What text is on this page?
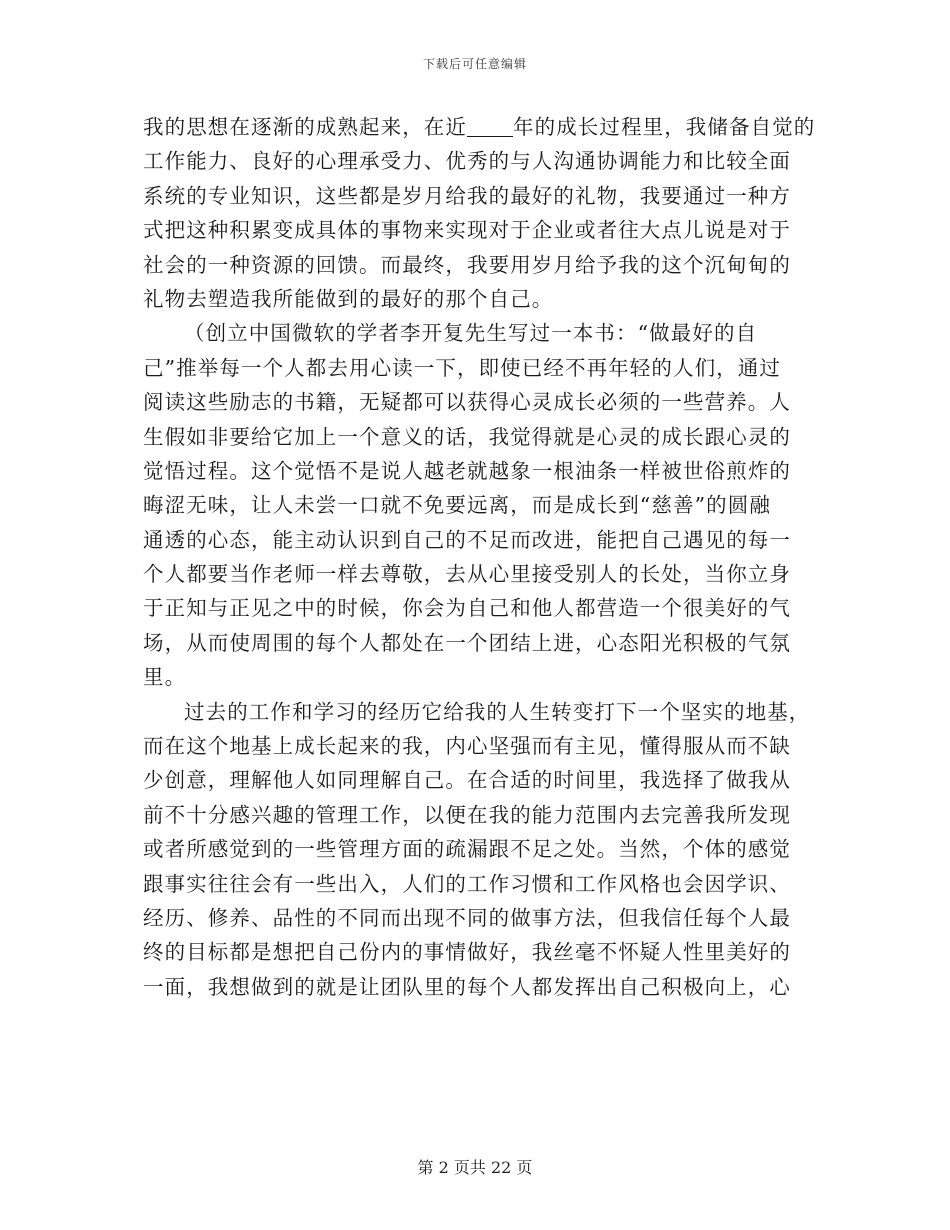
下载后可任意编辑
我的思想在逐渐的成熟起来，在近 年的成长过程里，我储备自觉的
工作能力、良好的心理承受力、优秀的与人沟通协调能力和比较全面
系统的专业知识，这些都是岁月给我的最好的礼物，我要通过一种方
式把这种积累变成具体的事物来实现对于企业或者往大点儿说是对于
社会的一种资源的回馈。而最终，我要用岁月给予我的这个沉甸甸的
礼物去塑造我所能做到的最好的那个自己。
（创立中国微软的学者李开复先生写过一本书：“做最好的自
己”推举每一个人都去用心读一下，即使已经不再年轻的人们，通过
阅读这些励志的书籍，无疑都可以获得心灵成长必须的一些营养。人
生假如非要给它加上一个意义的话，我觉得就是心灵的成长跟心灵的
觉悟过程。这个觉悟不是说人越老就越象一根油条一样被世俗煎炸的
晦涩无味，让人未尝一口就不免要远离，而是成长到“慈善”的圆融
通透的心态，能主动认识到自己的不足而改进，能把自己遇见的每一
个人都要当作老师一样去尊敬，去从心里接受别人的长处，当你立身
于正知与正见之中的时候，你会为自己和他人都营造一个很美好的气
场，从而使周围的每个人都处在一个团结上进，心态阳光积极的气氛
里。
过去的工作和学习的经历它给我的人生转变打下一个坚实的地基，
而在这个地基上成长起来的我，内心坚强而有主见，懂得服从而不缺
少创意，理解他人如同理解自己。在合适的时间里，我选择了做我从
前不十分感兴趣的管理工作，以便在我的能力范围内去完善我所发现
或者所感觉到的一些管理方面的疏漏跟不足之处。当然，个体的感觉
跟事实往往会有一些出入，人们的工作习惯和工作风格也会因学识、
经历、修养、品性的不同而出现不同的做事方法，但我信任每个人最
终的目标都是想把自己份内的事情做好，我丝毫不怀疑人性里美好的
一面，我想做到的就是让团队里的每个人都发挥出自己积极向上，心
第 2 页共 22 页
